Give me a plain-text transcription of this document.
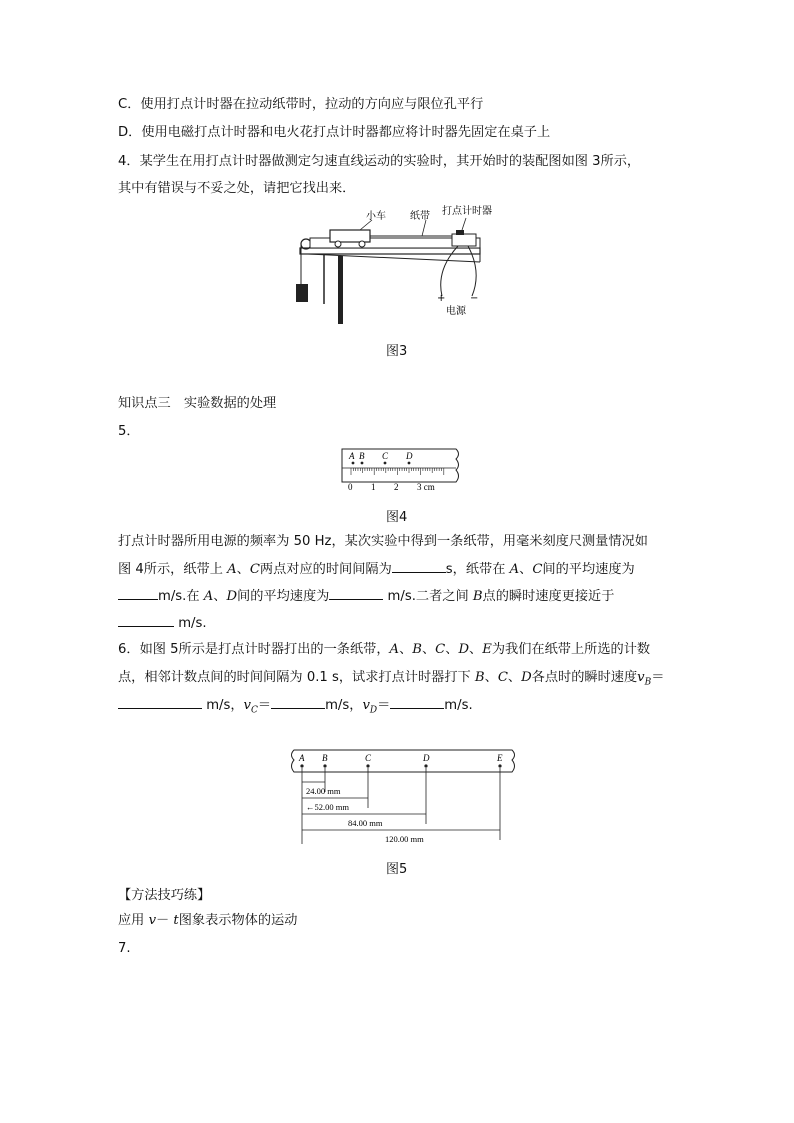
C．使用打点计时器在拉动纸带时，拉动的方向应与限位孔平行
D．使用电磁打点计时器和电火花打点计时器都应将计时器先固定在桌子上
4．某学生在用打点计时器做测定匀速直线运动的实验时，其开始时的装配图如图 3所示，
其中有错误与不妥之处，请把它找出来．
小车 纸带 打点计时器
+ −
电源
图3
知识点三　实验数据的处理
5．
A B C D
0 1 2 3 cm
图4
打点计时器所用电源的频率为 50 Hz，某次实验中得到一条纸带，用毫米刻度尺测量情况如
图 4所示，纸带上 A、C两点对应的时间间隔为	s，纸带在 A、C间的平均速度为
m/s.在 A、D间的平均速度为	m/s.二者之间 B点的瞬时速度更接近于
m/s.
6．如图 5所示是打点计时器打出的一条纸带，A、B、C、D、E为我们在纸带上所选的计数
点，相邻计数点间的时间间隔为 0.1 s，试求打点计时器打下 B、C、D各点时的瞬时速度$v_B=$
m/s，$v_C=$	m/s，$v_D=$	m/s.
A B	C	D	E
24.00 mm
←52.00 mm
84.00 mm
120.00 mm
图5
【方法技巧练】
应用 v－ t图象表示物体的运动
7.
